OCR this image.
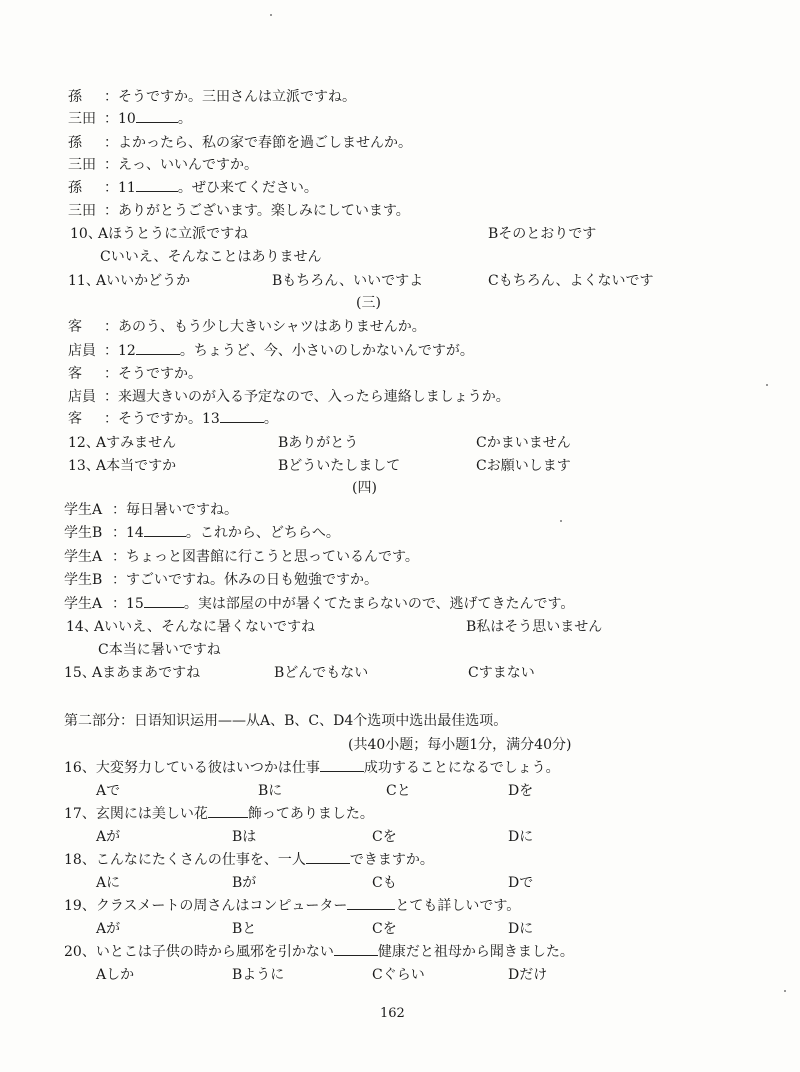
孫　 ：そうですか。三田さんは立派ですね。
三田 ：10	。
孫　 ：よかったら、私の家で春節を過ごしませんか。
三田 ：えっ、いいんですか。
孫　 ：11	。ぜひ来てください。
三田 ：ありがとうございます。楽しみにしています。
10、
Aほうとうに立派ですね	Bそのとおりです
Cいいえ、そんなことはありません
11、
Aいいかどうか	Bもちろん、いいですよ	Cもちろん、よくないです
(三)
客　 ：あのう、もう少し大きいシャツはありませんか。
店員 ：12	。ちょうど、今、小さいのしかないんですが。
客　 ：そうですか。
店員 ：来週大きいのが入る予定なので、入ったら連絡しましょうか。
客　 ：そうですか。13	。
12、
Aすみません	Bありがとう	Cかまいません
13、
A本当ですか	Bどういたしまして	Cお願いします
(四)
学生A ：毎日暑いですね。
学生B ：14	。これから、どちらへ。
学生A ：ちょっと図書館に行こうと思っているんです。
学生B ：すごいですね。休みの日も勉強ですか。
学生A ：15	。実は部屋の中が暑くてたまらないので、逃げてきたんです。
14、
Aいいえ、そんなに暑くないですね	B私はそう思いません
C本当に暑いですね
15、
Aまあまあですね	Bどんでもない	Cすまない
第二部分：日语知识运用——从A、B、C、D4个选项中选出最佳选项。
(共40小题；每小题1分，满分40分)
16、大変努力している彼はいつかは仕事	成功することになるでしょう。
Aで	Bに	Cと	Dを
17、玄関には美しい花	飾ってありました。
Aが	Bは	Cを	Dに
18、こんなにたくさんの仕事を、一人	できますか。
Aに	Bが	Cも	Dで
19、クラスメートの周さんはコンピューター	とても詳しいです。
Aが	Bと	Cを	Dに
20、いとこは子供の時から風邪を引かない	健康だと祖母から聞きました。
Aしか	Bように	Cぐらい	Dだけ
162
